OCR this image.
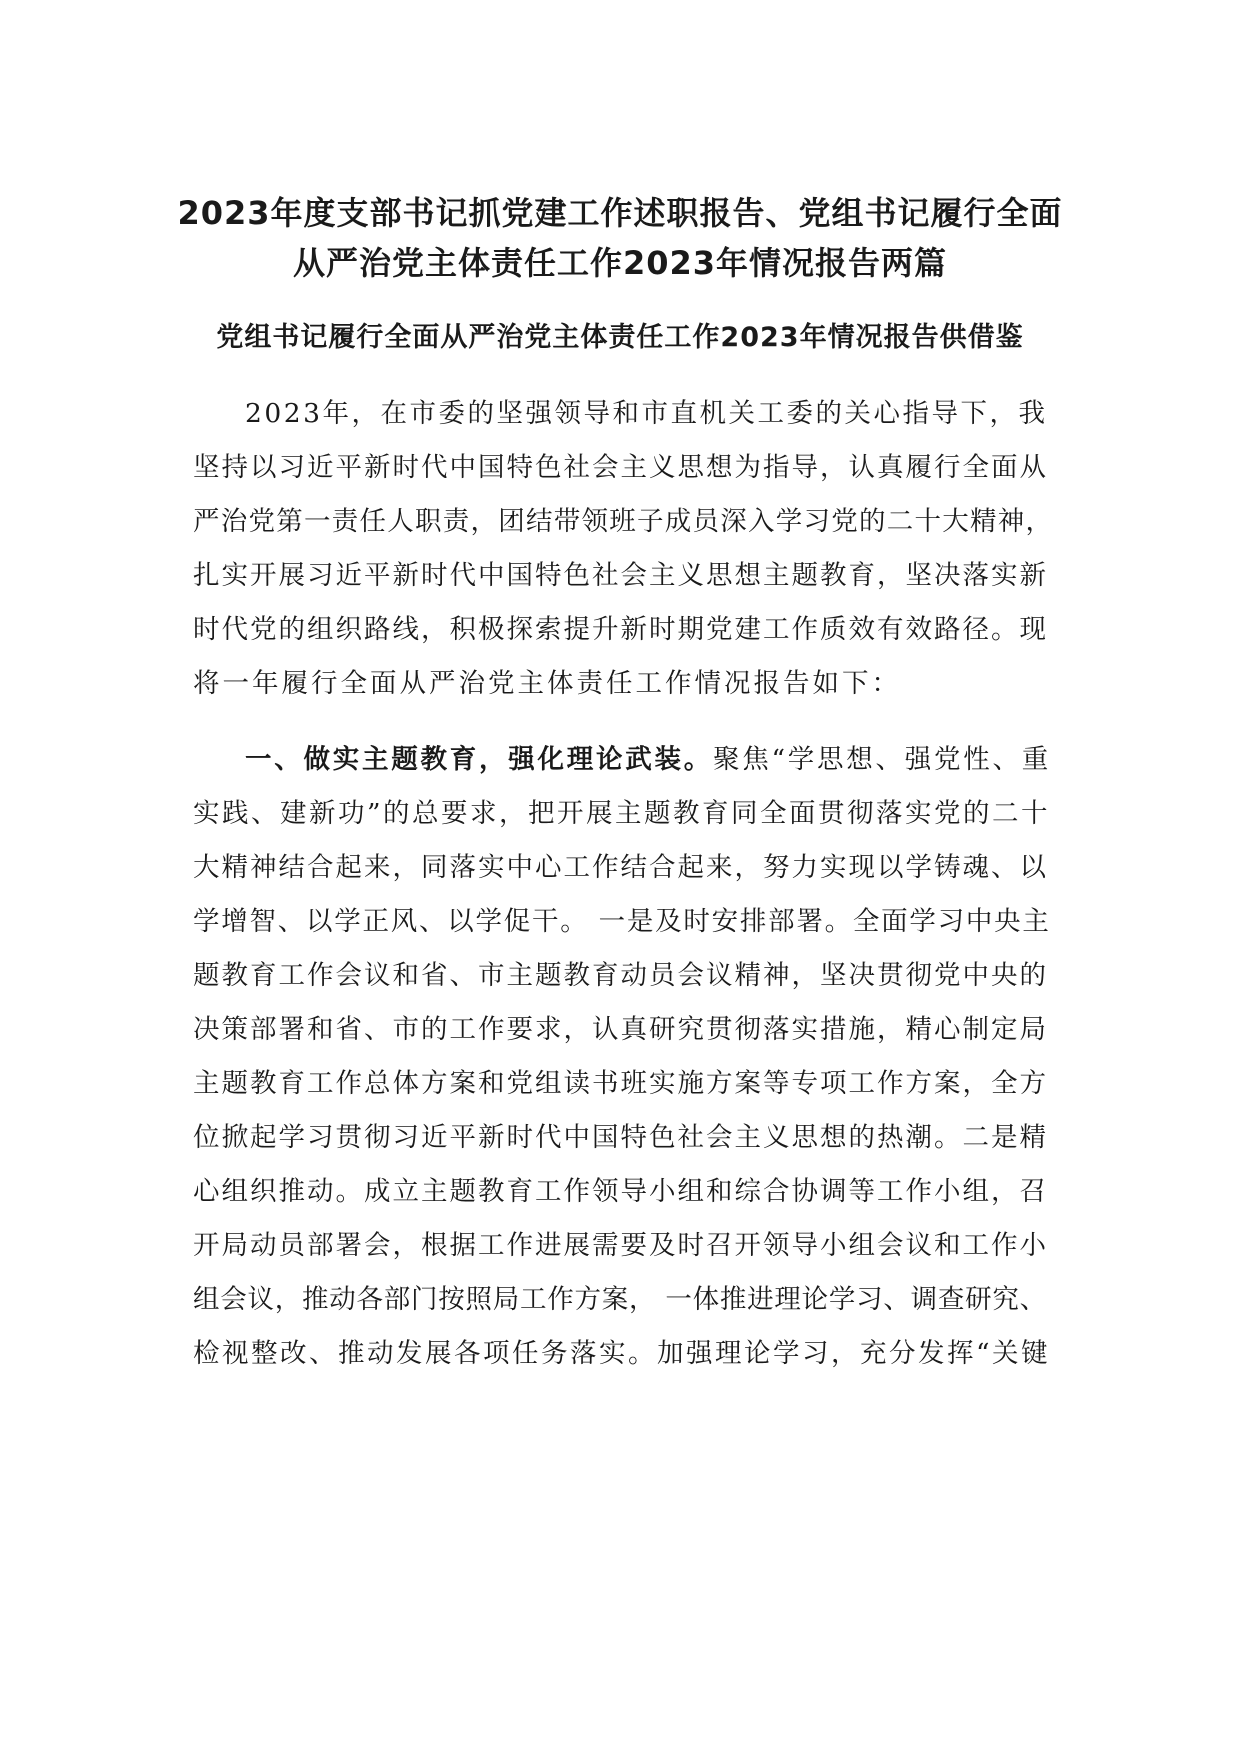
2023年度支部书记抓党建工作述职报告、党组书记履行全面
从严治党主体责任工作2023年情况报告两篇
党组书记履行全面从严治党主体责任工作2023年情况报告供借鉴
2023年，在市委的坚强领导和市直机关工委的关心指导下，我
坚持以习近平新时代中国特色社会主义思想为指导，认真履行全面从
严治党第一责任人职责，团结带领班子成员深入学习党的二十大精神，
扎实开展习近平新时代中国特色社会主义思想主题教育，坚决落实新
时代党的组织路线，积极探索提升新时期党建工作质效有效路径。现
将一年履行全面从严治党主体责任工作情况报告如下：
一、做实主题教育，强化理论武装。聚焦“学思想、强党性、重
实践、建新功”的总要求，把开展主题教育同全面贯彻落实党的二十
大精神结合起来，同落实中心工作结合起来，努力实现以学铸魂、以
学增智、以学正风、以学促干。 一是及时安排部署。全面学习中央主
题教育工作会议和省、市主题教育动员会议精神，坚决贯彻党中央的
决策部署和省、市的工作要求，认真研究贯彻落实措施，精心制定局
主题教育工作总体方案和党组读书班实施方案等专项工作方案，全方
位掀起学习贯彻习近平新时代中国特色社会主义思想的热潮。二是精
心组织推动。成立主题教育工作领导小组和综合协调等工作小组，召
开局动员部署会，根据工作进展需要及时召开领导小组会议和工作小
组会议，推动各部门按照局工作方案， 一体推进理论学习、调查研究、
检视整改、推动发展各项任务落实。加强理论学习，充分发挥“关键
